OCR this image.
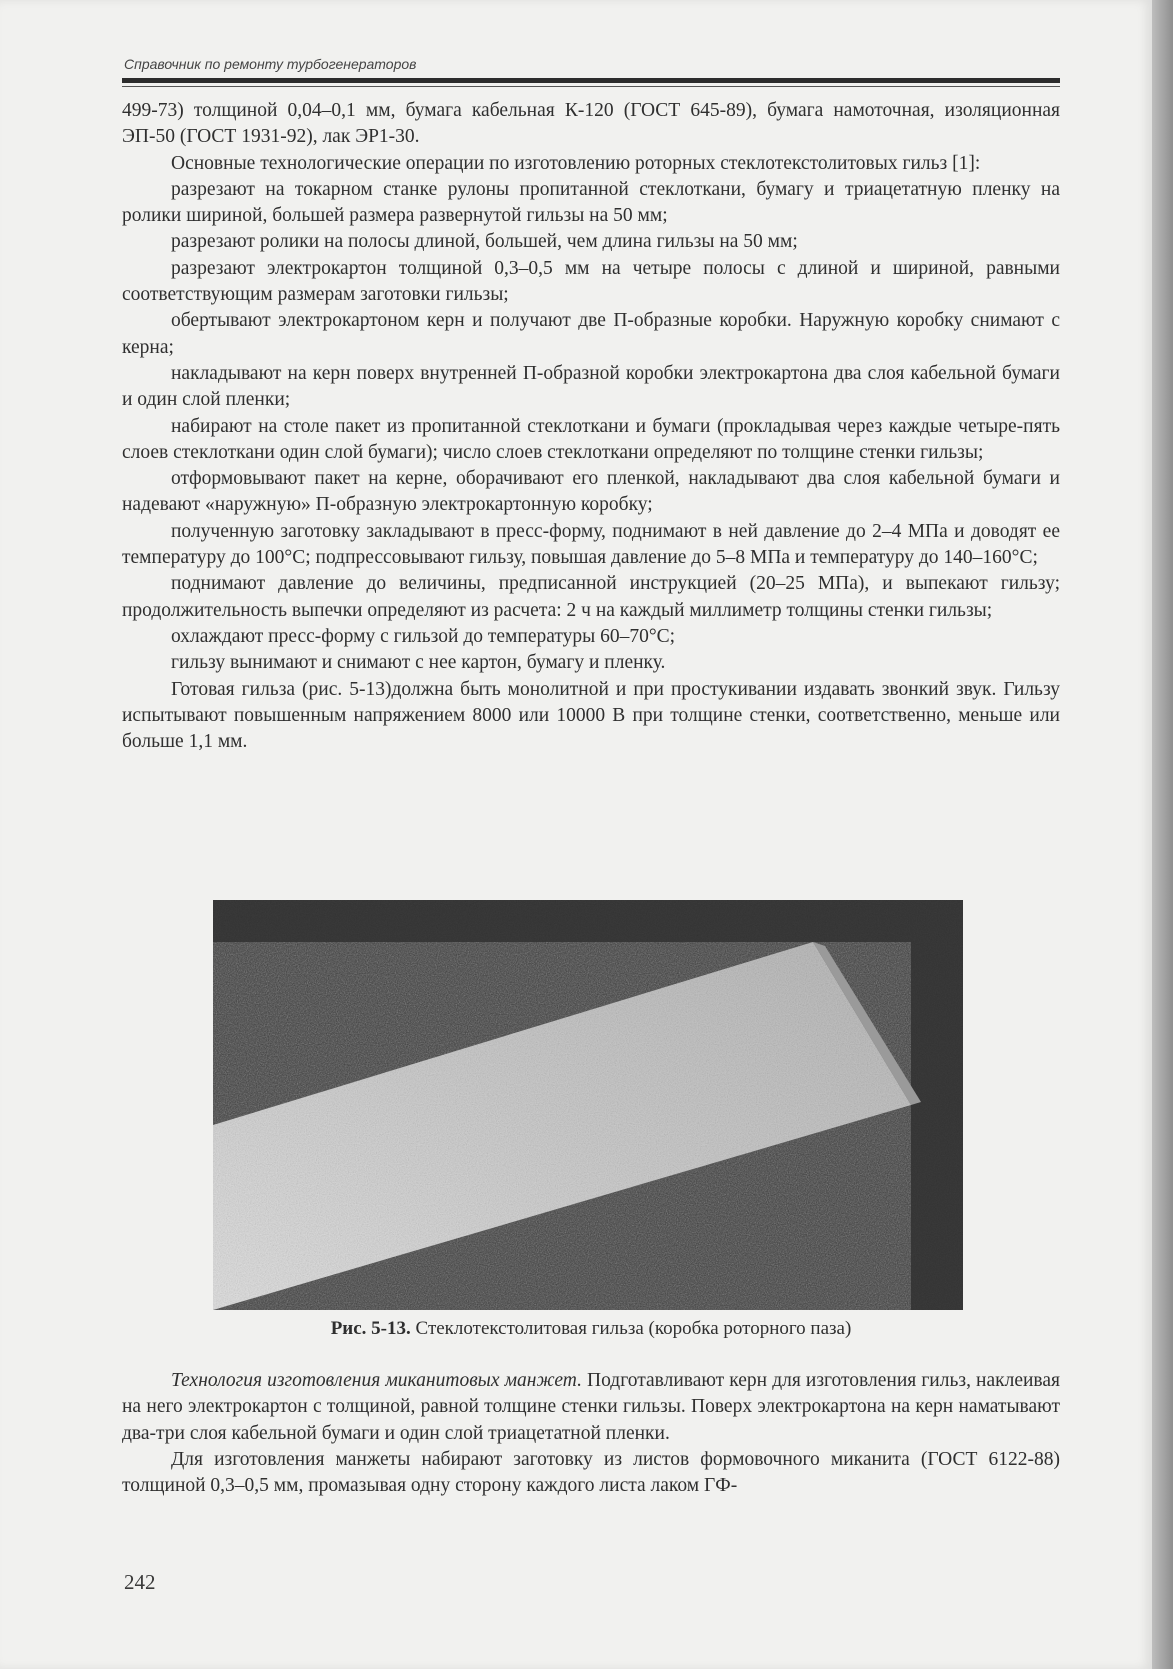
Справочник по ремонту турбогенераторов

499-73) толщиной 0,04–0,1 мм, бумага кабельная К-120 (ГОСТ 645-89), бумага намоточная, изоляционная ЭП-50 (ГОСТ 1931-92), лак ЭР1-30.

Основные технологические операции по изготовлению роторных стеклотекстолитовых гильз [1]:

разрезают на токарном станке рулоны пропитанной стеклоткани, бумагу и триацетатную пленку на ролики шириной, большей размера развернутой гильзы на 50 мм;

разрезают ролики на полосы длиной, большей, чем длина гильзы на 50 мм;

разрезают электрокартон толщиной 0,3–0,5 мм на четыре полосы с длиной и шириной, равными соответствующим размерам заготовки гильзы;

обертывают электрокартоном керн и получают две П-образные коробки. Наружную коробку снимают с керна;

накладывают на керн поверх внутренней П-образной коробки электрокартона два слоя кабельной бумаги и один слой пленки;

набирают на столе пакет из пропитанной стеклоткани и бумаги (прокладывая через каждые четыре-пять слоев стеклоткани один слой бумаги); число слоев стеклоткани определяют по толщине стенки гильзы;

отформовывают пакет на керне, оборачивают его пленкой, накладывают два слоя кабельной бумаги и надевают «наружную» П-образную электрокартонную коробку;

полученную заготовку закладывают в пресс-форму, поднимают в ней давление до 2–4 МПа и доводят ее температуру до 100°С; подпрессовывают гильзу, повышая давление до 5–8 МПа и температуру до 140–160°С;

поднимают давление до величины, предписанной инструкцией (20–25 МПа), и выпекают гильзу; продолжительность выпечки определяют из расчета: 2 ч на каждый миллиметр толщины стенки гильзы;

охлаждают пресс-форму с гильзой до температуры 60–70°С;

гильзу вынимают и снимают с нее картон, бумагу и пленку.

Готовая гильза (рис. 5-13)должна быть монолитной и при простукивании издавать звонкий звук. Гильзу испытывают повышенным напряжением 8000 или 10000 В при толщине стенки, соответственно, меньше или больше 1,1 мм.

Рис. 5-13. Стеклотекстолитовая гильза (коробка роторного паза)

Технология изготовления миканитовых манжет. Подготавливают керн для изготовления гильз, наклеивая на него электрокартон с толщиной, равной толщине стенки гильзы. Поверх электрокартона на керн наматывают два-три слоя кабельной бумаги и один слой триацетатной пленки.

Для изготовления манжеты набирают заготовку из листов формовочного миканита (ГОСТ 6122-88) толщиной 0,3–0,5 мм, промазывая одну сторону каждого листа лаком ГФ-

242
